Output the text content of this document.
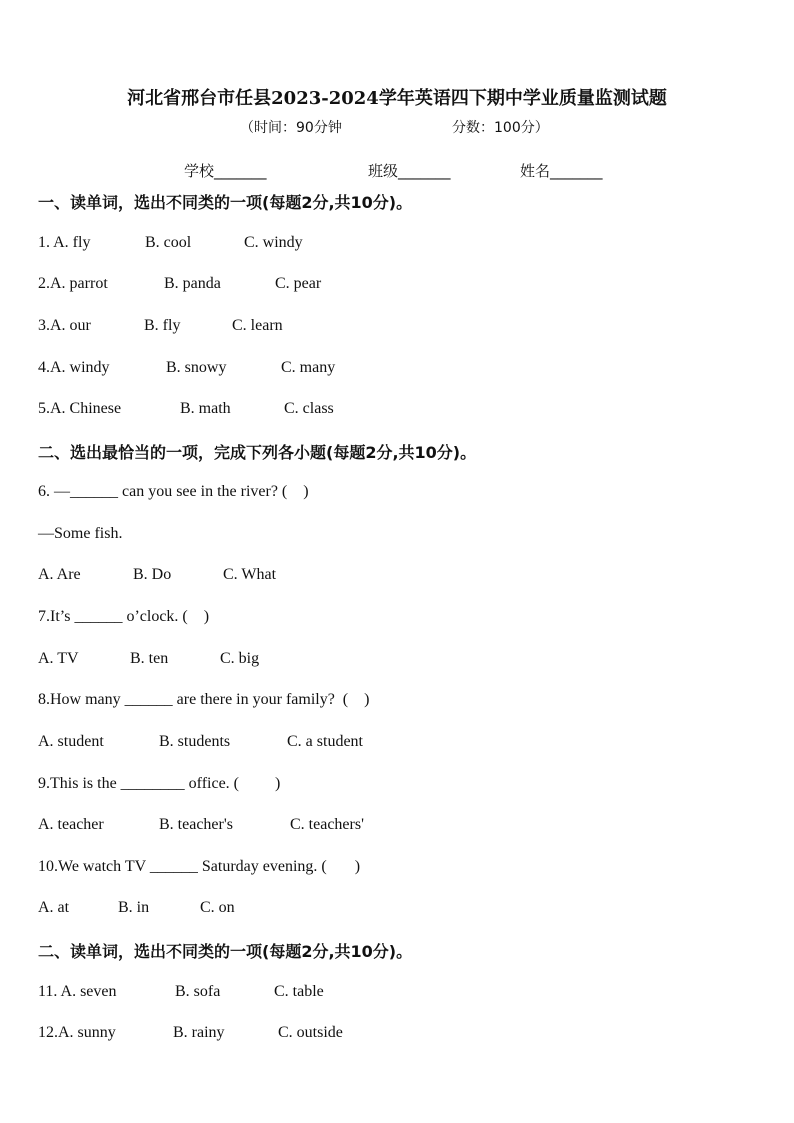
河北省邢台市任县2023-2024学年英语四下期中学业质量监测试题
（时间：90分钟	分数：100分）
学校_______	班级_______	姓名_______
一、读单词，选出不同类的一项(每题2分,共10分)。
1. A. fly	B. cool	C. windy
2.A. parrot	B. panda	C. pear
3.A. our	B. fly	C. learn
4.A. windy	B. snowy	C. many
5.A. Chinese	B. math	C. class
二、选出最恰当的一项，完成下列各小题(每题2分,共10分)。
6. —______ can you see in the river? (    )
—Some fish.
A. Are	B. Do	C. What
7.It’s ______ o’clock. (    )
A. TV	B. ten	C. big
8.How many ______ are there in your family?  (    )
A. student	B. students	C. a student
9.This is the ________ office. (         )
A. teacher	B. teacher's	C. teachers'
10.We watch TV ______ Saturday evening. (       )
A. at	B. in	C. on
二、读单词，选出不同类的一项(每题2分,共10分)。
11. A. seven	B. sofa	C. table
12.A. sunny	B. rainy	C. outside
